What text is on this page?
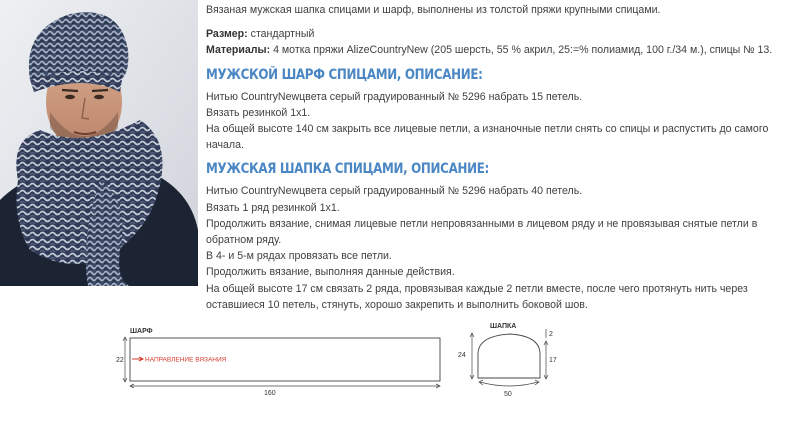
Вязаная мужская шапка спицами и шарф, выполнены из толстой пряжи крупными спицами.

Размер: стандартный

Материалы: 4 мотка пряжи AlizeCountryNew (205 шерсть, 55 % акрил, 25:=% полиамид, 100 г./34 м.), спицы № 13.

МУЖСКОЙ ШАРФ СПИЦАМИ, ОПИСАНИЕ:

Нитью CountryNewцвета серый градуированный № 5296 набрать 15 петель.

Вязать резинкой 1х1.

На общей высоте 140 см закрыть все лицевые петли, а изнаночные петли снять со спицы и распустить до самого начала.

МУЖСКАЯ ШАПКА СПИЦАМИ, ОПИСАНИЕ:

Нитью CountryNewцвета серый градуированный № 5296 набрать 40 петель.

Вязать 1 ряд резинкой 1х1.

Продолжить вязание, снимая лицевые петли непровязанными в лицевом ряду и не провязывая снятые петли в обратном ряду.

В 4- и 5-м рядах провязать все петли.

Продолжить вязание, выполняя данные действия.

На общей высоте 17 см связать 2 ряда, провязывая каждые 2 петли вместе, после чего протянуть нить через оставшиеся 10 петель, стянуть, хорошо закрепить и выполнить боковой шов.

ШАРФ
22	НАПРАВЛЕНИЕ ВЯЗАНИЯ
160
ШАПКА
24
2
17
50
